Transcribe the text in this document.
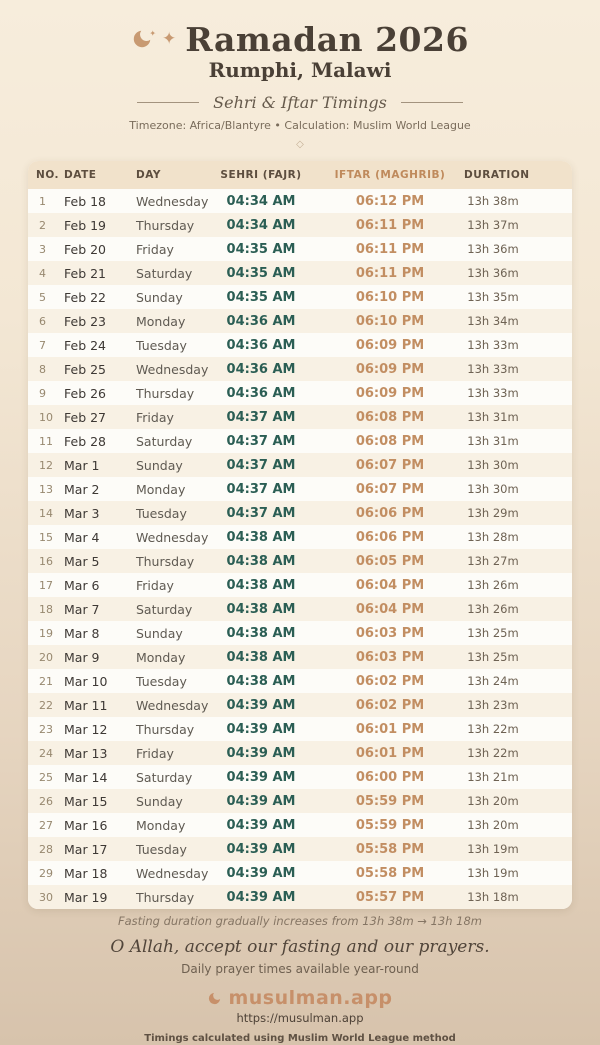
✦ ✦ Ramadan 2026
Rumphi, Malawi
Sehri & Iftar Timings
Timezone: Africa/Blantyre • Calculation: Muslim World League
◇
NO. DATE	DAY	SEHRI (FAJR)	IFTAR (MAGHRIB)	DURATION
1	Feb 18	Wednesday	04:34 AM	06:12 PM	13h 38m
2	Feb 19	Thursday	04:34 AM	06:11 PM	13h 37m
3	Feb 20	Friday	04:35 AM	06:11 PM	13h 36m
4	Feb 21	Saturday	04:35 AM	06:11 PM	13h 36m
5	Feb 22	Sunday	04:35 AM	06:10 PM	13h 35m
6	Feb 23	Monday	04:36 AM	06:10 PM	13h 34m
7	Feb 24	Tuesday	04:36 AM	06:09 PM	13h 33m
8	Feb 25	Wednesday	04:36 AM	06:09 PM	13h 33m
9	Feb 26	Thursday	04:36 AM	06:09 PM	13h 33m
10 Feb 27	Friday	04:37 AM	06:08 PM	13h 31m
11 Feb 28	Saturday	04:37 AM	06:08 PM	13h 31m
12 Mar 1	Sunday	04:37 AM	06:07 PM	13h 30m
13 Mar 2	Monday	04:37 AM	06:07 PM	13h 30m
14 Mar 3	Tuesday	04:37 AM	06:06 PM	13h 29m
15 Mar 4	Wednesday	04:38 AM	06:06 PM	13h 28m
16 Mar 5	Thursday	04:38 AM	06:05 PM	13h 27m
17 Mar 6	Friday	04:38 AM	06:04 PM	13h 26m
18 Mar 7	Saturday	04:38 AM	06:04 PM	13h 26m
19 Mar 8	Sunday	04:38 AM	06:03 PM	13h 25m
20 Mar 9	Monday	04:38 AM	06:03 PM	13h 25m
21 Mar 10	Tuesday	04:38 AM	06:02 PM	13h 24m
22 Mar 11	Wednesday	04:39 AM	06:02 PM	13h 23m
23 Mar 12	Thursday	04:39 AM	06:01 PM	13h 22m
24 Mar 13	Friday	04:39 AM	06:01 PM	13h 22m
25 Mar 14	Saturday	04:39 AM	06:00 PM	13h 21m
26 Mar 15	Sunday	04:39 AM	05:59 PM	13h 20m
27 Mar 16	Monday	04:39 AM	05:59 PM	13h 20m
28 Mar 17	Tuesday	04:39 AM	05:58 PM	13h 19m
29 Mar 18	Wednesday	04:39 AM	05:58 PM	13h 19m
30 Mar 19	Thursday	04:39 AM	05:57 PM	13h 18m
Fasting duration gradually increases from 13h 38m → 13h 18m
O Allah, accept our fasting and our prayers.
Daily prayer times available year-round
musulman.app
https://musulman.app
Timings calculated using Muslim World League method
